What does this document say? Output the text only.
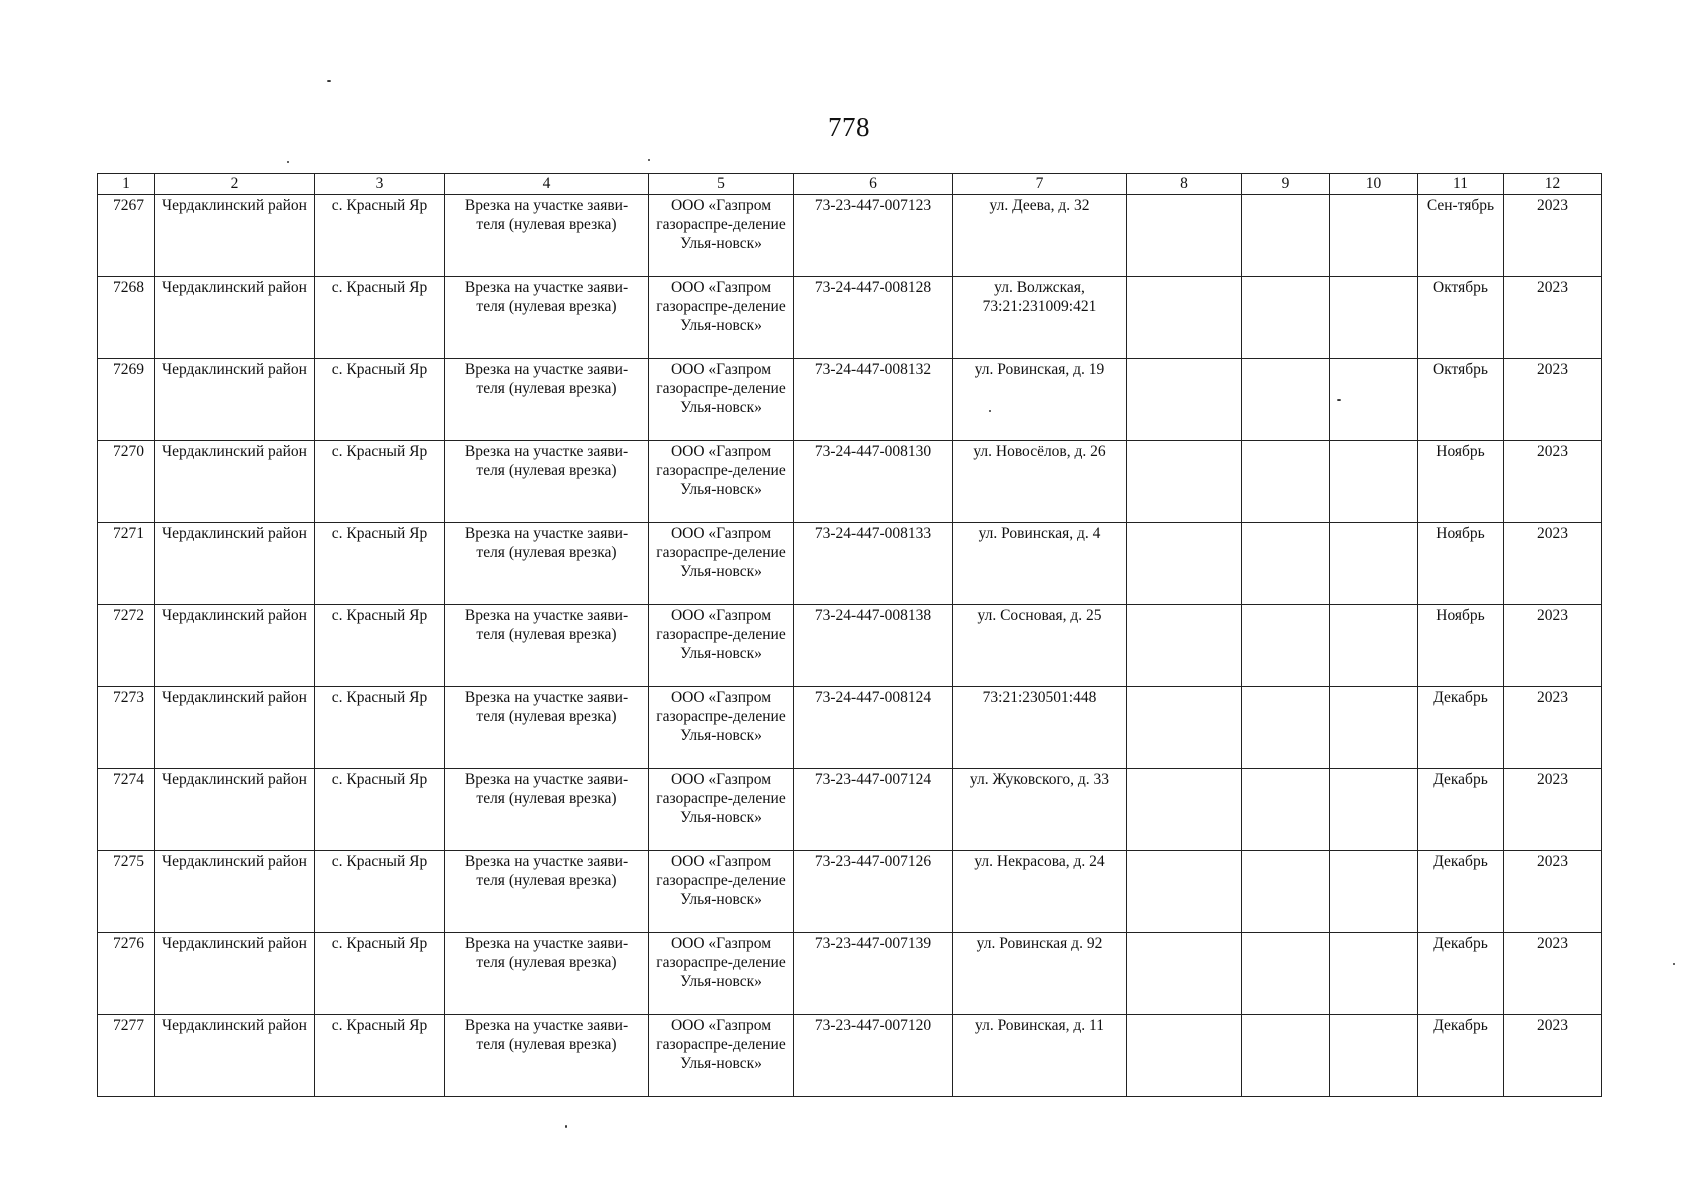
778
1	2	3	4	5	6	7	8	9	10	11	12
7267	Чердаклинский район	с. Красный Яр	Врезка на участке заяви-теля (нулевая врезка)	ООО «Газпром газораспре-деление Улья-новск»	73-23-447-007123	ул. Деева, д. 32				Сен-тябрь	2023
7268	Чердаклинский район	с. Красный Яр	Врезка на участке заяви-теля (нулевая врезка)	ООО «Газпром газораспре-деление Улья-новск»	73-24-447-008128	ул. Волжская, 73:21:231009:421				Октябрь	2023
7269	Чердаклинский район	с. Красный Яр	Врезка на участке заяви-теля (нулевая врезка)	ООО «Газпром газораспре-деление Улья-новск»	73-24-447-008132	ул. Ровинская, д. 19				Октябрь	2023
7270	Чердаклинский район	с. Красный Яр	Врезка на участке заяви-теля (нулевая врезка)	ООО «Газпром газораспре-деление Улья-новск»	73-24-447-008130	ул. Новосёлов, д. 26				Ноябрь	2023
7271	Чердаклинский район	с. Красный Яр	Врезка на участке заяви-теля (нулевая врезка)	ООО «Газпром газораспре-деление Улья-новск»	73-24-447-008133	ул. Ровинская, д. 4				Ноябрь	2023
7272	Чердаклинский район	с. Красный Яр	Врезка на участке заяви-теля (нулевая врезка)	ООО «Газпром газораспре-деление Улья-новск»	73-24-447-008138	ул. Сосновая, д. 25				Ноябрь	2023
7273	Чердаклинский район	с. Красный Яр	Врезка на участке заяви-теля (нулевая врезка)	ООО «Газпром газораспре-деление Улья-новск»	73-24-447-008124	73:21:230501:448				Декабрь	2023
7274	Чердаклинский район	с. Красный Яр	Врезка на участке заяви-теля (нулевая врезка)	ООО «Газпром газораспре-деление Улья-новск»	73-23-447-007124	ул. Жуковского, д. 33				Декабрь	2023
7275	Чердаклинский район	с. Красный Яр	Врезка на участке заяви-теля (нулевая врезка)	ООО «Газпром газораспре-деление Улья-новск»	73-23-447-007126	ул. Некрасова, д. 24				Декабрь	2023
7276	Чердаклинский район	с. Красный Яр	Врезка на участке заяви-теля (нулевая врезка)	ООО «Газпром газораспре-деление Улья-новск»	73-23-447-007139	ул. Ровинская д. 92				Декабрь	2023
7277	Чердаклинский район	с. Красный Яр	Врезка на участке заяви-теля (нулевая врезка)	ООО «Газпром газораспре-деление Улья-новск»	73-23-447-007120	ул. Ровинская, д. 11				Декабрь	2023
